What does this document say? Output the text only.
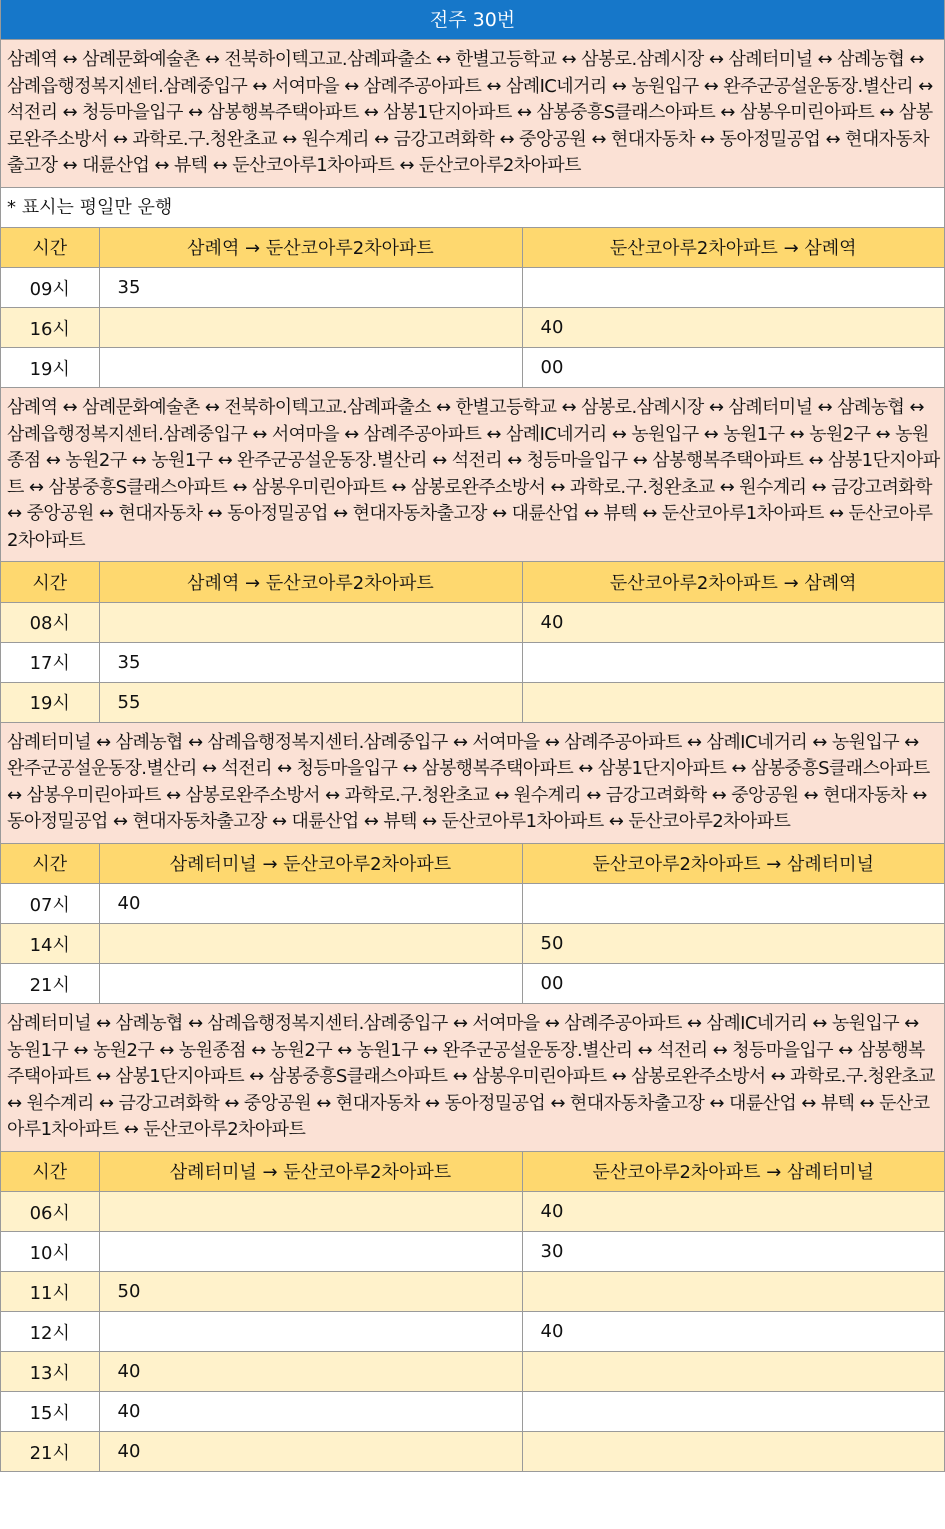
전주 30번
삼례역 ↔ 삼례문화예술촌 ↔ 전북하이텍고교.삼례파출소 ↔ 한별고등학교 ↔ 삼봉로.삼례시장 ↔ 삼례터미널 ↔ 삼례농협 ↔ 삼례읍행정복지센터.삼례중입구 ↔ 서여마을 ↔ 삼례주공아파트 ↔ 삼례IC네거리 ↔ 농원입구 ↔ 완주군공설운동장.별산리 ↔ 석전리 ↔ 청등마을입구 ↔ 삼봉행복주택아파트 ↔ 삼봉1단지아파트 ↔ 삼봉중흥S클래스아파트 ↔ 삼봉우미린아파트 ↔ 삼봉로완주소방서 ↔ 과학로.구.청완초교 ↔ 원수계리 ↔ 금강고려화학 ↔ 중앙공원 ↔ 현대자동차 ↔ 동아정밀공업 ↔ 현대자동차출고장 ↔ 대륜산업 ↔ 뷰텍 ↔ 둔산코아루1차아파트 ↔ 둔산코아루2차아파트
* 표시는 평일만 운행
시간	삼례역 → 둔산코아루2차아파트	둔산코아루2차아파트 → 삼례역
09시	35	
16시		40
19시		00
삼례역 ↔ 삼례문화예술촌 ↔ 전북하이텍고교.삼례파출소 ↔ 한별고등학교 ↔ 삼봉로.삼례시장 ↔ 삼례터미널 ↔ 삼례농협 ↔ 삼례읍행정복지센터.삼례중입구 ↔ 서여마을 ↔ 삼례주공아파트 ↔ 삼례IC네거리 ↔ 농원입구 ↔ 농원1구 ↔ 농원2구 ↔ 농원종점 ↔ 농원2구 ↔ 농원1구 ↔ 완주군공설운동장.별산리 ↔ 석전리 ↔ 청등마을입구 ↔ 삼봉행복주택아파트 ↔ 삼봉1단지아파트 ↔ 삼봉중흥S클래스아파트 ↔ 삼봉우미린아파트 ↔ 삼봉로완주소방서 ↔ 과학로.구.청완초교 ↔ 원수계리 ↔ 금강고려화학 ↔ 중앙공원 ↔ 현대자동차 ↔ 동아정밀공업 ↔ 현대자동차출고장 ↔ 대륜산업 ↔ 뷰텍 ↔ 둔산코아루1차아파트 ↔ 둔산코아루2차아파트
시간	삼례역 → 둔산코아루2차아파트	둔산코아루2차아파트 → 삼례역
08시		40
17시	35	
19시	55	
삼례터미널 ↔ 삼례농협 ↔ 삼례읍행정복지센터.삼례중입구 ↔ 서여마을 ↔ 삼례주공아파트 ↔ 삼례IC네거리 ↔ 농원입구 ↔ 완주군공설운동장.별산리 ↔ 석전리 ↔ 청등마을입구 ↔ 삼봉행복주택아파트 ↔ 삼봉1단지아파트 ↔ 삼봉중흥S클래스아파트 ↔ 삼봉우미린아파트 ↔ 삼봉로완주소방서 ↔ 과학로.구.청완초교 ↔ 원수계리 ↔ 금강고려화학 ↔ 중앙공원 ↔ 현대자동차 ↔ 동아정밀공업 ↔ 현대자동차출고장 ↔ 대륜산업 ↔ 뷰텍 ↔ 둔산코아루1차아파트 ↔ 둔산코아루2차아파트
시간	삼례터미널 → 둔산코아루2차아파트	둔산코아루2차아파트 → 삼례터미널
07시	40	
14시		50
21시		00
삼례터미널 ↔ 삼례농협 ↔ 삼례읍행정복지센터.삼례중입구 ↔ 서여마을 ↔ 삼례주공아파트 ↔ 삼례IC네거리 ↔ 농원입구 ↔ 농원1구 ↔ 농원2구 ↔ 농원종점 ↔ 농원2구 ↔ 농원1구 ↔ 완주군공설운동장.별산리 ↔ 석전리 ↔ 청등마을입구 ↔ 삼봉행복주택아파트 ↔ 삼봉1단지아파트 ↔ 삼봉중흥S클래스아파트 ↔ 삼봉우미린아파트 ↔ 삼봉로완주소방서 ↔ 과학로.구.청완초교 ↔ 원수계리 ↔ 금강고려화학 ↔ 중앙공원 ↔ 현대자동차 ↔ 동아정밀공업 ↔ 현대자동차출고장 ↔ 대륜산업 ↔ 뷰텍 ↔ 둔산코아루1차아파트 ↔ 둔산코아루2차아파트
시간	삼례터미널 → 둔산코아루2차아파트	둔산코아루2차아파트 → 삼례터미널
06시		40
10시		30
11시	50	
12시		40
13시	40	
15시	40	
21시	40	
